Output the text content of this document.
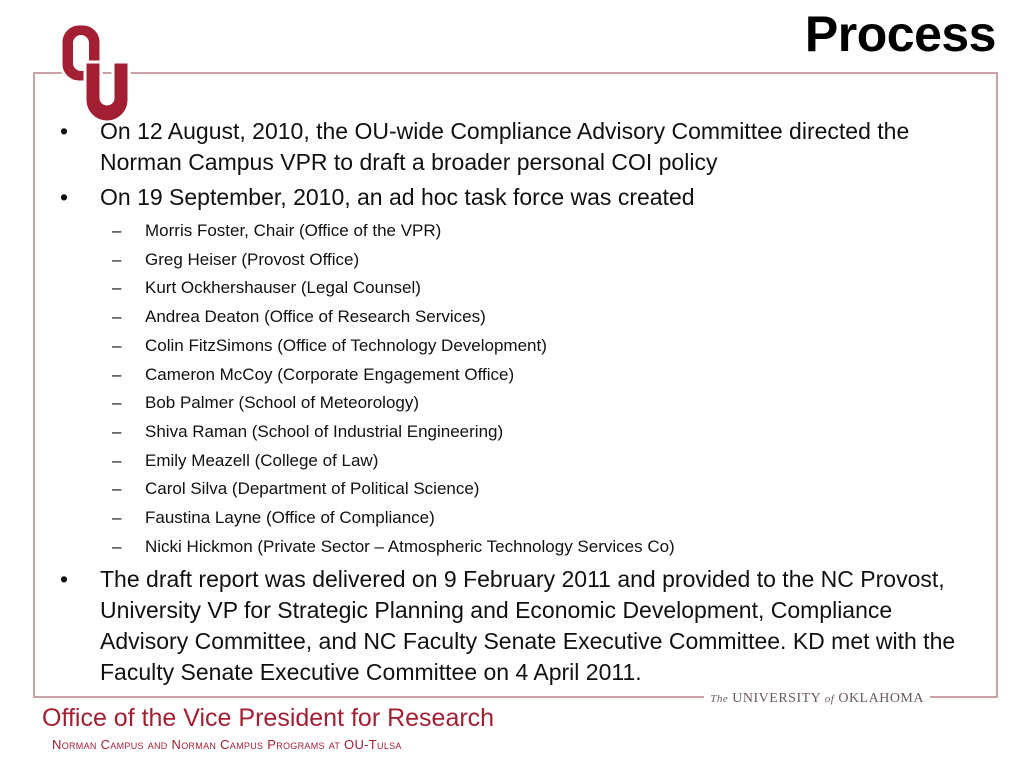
Process
•	On 12 August, 2010, the OU-wide Compliance Advisory Committee directed the Norman Campus VPR to draft a broader personal COI policy
•	On 19 September, 2010, an ad hoc task force was created
– Morris Foster, Chair (Office of the VPR)
– Greg Heiser (Provost Office)
– Kurt Ockhershauser (Legal Counsel)
– Andrea Deaton (Office of Research Services)
– Colin FitzSimons (Office of Technology Development)
– Cameron McCoy (Corporate Engagement Office)
– Bob Palmer (School of Meteorology)
– Shiva Raman (School of Industrial Engineering)
– Emily Meazell (College of Law)
– Carol Silva (Department of Political Science)
– Faustina Layne (Office of Compliance)
– Nicki Hickmon (Private Sector – Atmospheric Technology Services Co)
•	The draft report was delivered on 9 February 2011 and provided to the NC Provost, University VP for Strategic Planning and Economic Development, Compliance Advisory Committee, and NC Faculty Senate Executive Committee. KD met with the Faculty Senate Executive Committee on 4 April 2011.
The UNIVERSITY of OKLAHOMA
Office of the Vice President for Research
Norman Campus and Norman Campus Programs at OU-Tulsa
